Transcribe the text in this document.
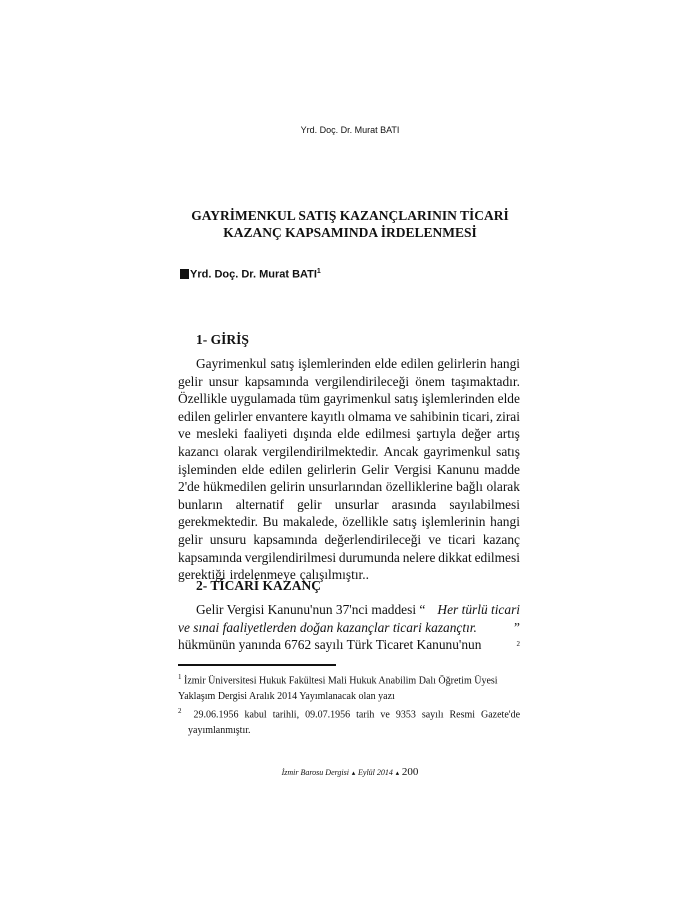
Yrd. Doç. Dr. Murat BATI
GAYRİMENKUL SATIŞ KAZANÇLARININ TİCARİ
KAZANÇ KAPSAMINDA İRDELENMESİ
Yrd. Doç. Dr. Murat BATI$^1$
1- GİRİŞ
Gayrimenkul satış işlemlerinden elde edilen gelirlerin hangi
gelir unsur kapsamında vergilendirileceği önem taşımaktadır.
Özellikle uygulamada tüm gayrimenkul satış işlemlerinden elde
edilen gelirler envantere kayıtlı olmama ve sahibinin ticari, zirai
ve mesleki faaliyeti dışında elde edilmesi şartıyla değer artış
kazancı olarak vergilendirilmektedir. Ancak gayrimenkul satış
işleminden elde edilen gelirlerin Gelir Vergisi Kanunu madde
2'de hükmedilen gelirin unsurlarından özelliklerine bağlı olarak
bunların alternatif gelir unsurlar arasında sayılabilmesi
gerekmektedir. Bu makalede, özellikle satış işlemlerinin hangi
gelir unsuru kapsamında değerlendirileceği ve ticari kazanç
kapsamında vergilendirilmesi durumunda nelere dikkat edilmesi
gerektiği irdelenmeye çalışılmıştır..
2- TİCARİ KAZANÇ
Gelir Vergisi Kanunu'nun 37'nci maddesi “ Her türlü ticari
ve sınai faaliyetlerden doğan kazançlar ticari kazançtır.	”
hükmünün yanında 6762 sayılı Türk Ticaret Kanunu'nun	2
$^1$ İzmir Üniversitesi Hukuk Fakültesi Mali Hukuk Anabilim Dalı Öğretim Üyesi
Yaklaşım Dergisi Aralık 2014 Yayımlanacak olan yazı
$^2$ 29.06.1956 kabul tarihli, 09.07.1956 tarih ve 9353 sayılı Resmi Gazete'de
yayımlanmıştır.
İzmir Barosu Dergisi ▴ Eylül 2014 ▴ 200
